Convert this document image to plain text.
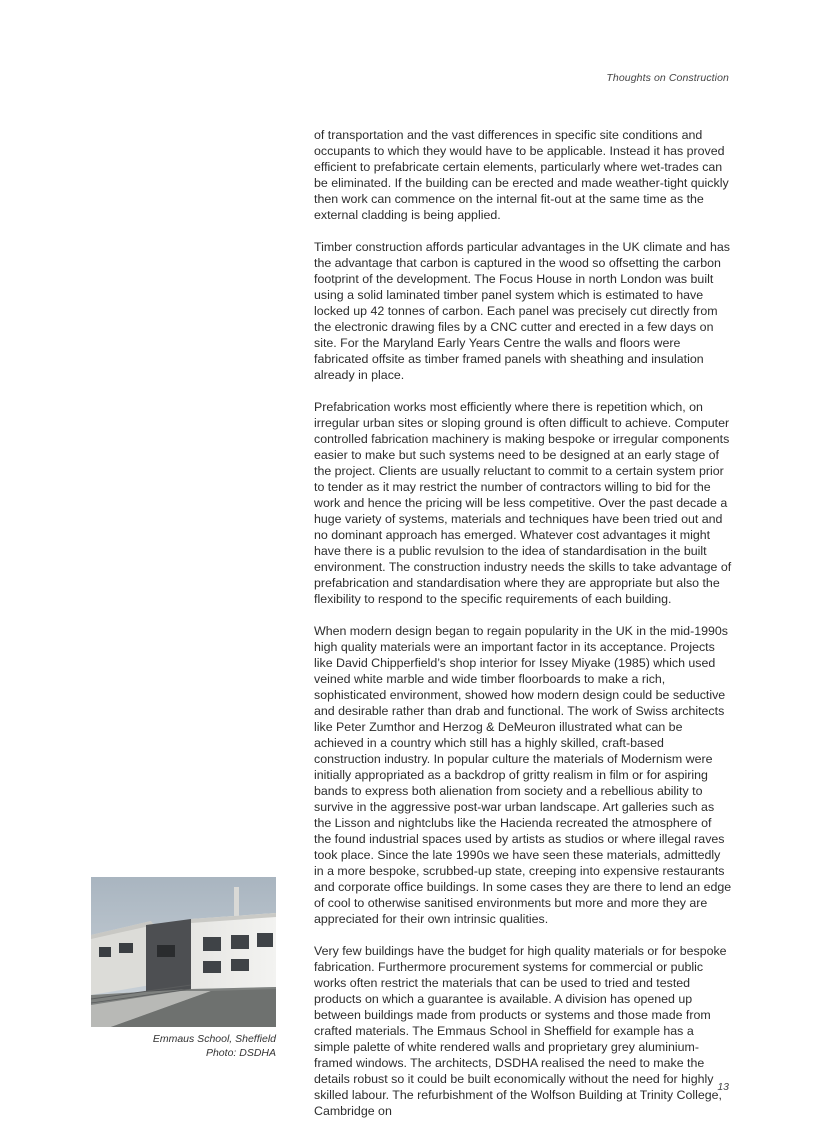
Thoughts on Construction

of transportation and the vast differences in specific site conditions and occupants to which they would have to be applicable. Instead it has proved efficient to prefabricate certain elements, particularly where wet-trades can be eliminated. If the building can be erected and made weather-tight quickly then work can commence on the internal fit-out at the same time as the external cladding is being applied.

Timber construction affords particular advantages in the UK climate and has the advantage that carbon is captured in the wood so offsetting the carbon footprint of the development. The Focus House in north London was built using a solid laminated timber panel system which is estimated to have locked up 42 tonnes of carbon. Each panel was precisely cut directly from the electronic drawing files by a CNC cutter and erected in a few days on site. For the Maryland Early Years Centre the walls and floors were fabricated offsite as timber framed panels with sheathing and insulation already in place.

Prefabrication works most efficiently where there is repetition which, on irregular urban sites or sloping ground is often difficult to achieve. Computer controlled fabrication machinery is making bespoke or irregular components easier to make but such systems need to be designed at an early stage of the project. Clients are usually reluctant to commit to a certain system prior to tender as it may restrict the number of contractors willing to bid for the work and hence the pricing will be less competitive. Over the past decade a huge variety of systems, materials and techniques have been tried out and no dominant approach has emerged. Whatever cost advantages it might have there is a public revulsion to the idea of standardisation in the built environment. The construction industry needs the skills to take advantage of prefabrication and standardisation where they are appropriate but also the flexibility to respond to the specific requirements of each building.

When modern design began to regain popularity in the UK in the mid-1990s high quality materials were an important factor in its acceptance. Projects like David Chipperfield’s shop interior for Issey Miyake (1985) which used veined white marble and wide timber floorboards to make a rich, sophisticated environment, showed how modern design could be seductive and desirable rather than drab and functional. The work of Swiss architects like Peter Zumthor and Herzog & DeMeuron illustrated what can be achieved in a country which still has a highly skilled, craft-based construction industry. In popular culture the materials of Modernism were initially appropriated as a backdrop of gritty realism in film or for aspiring bands to express both alienation from society and a rebellious ability to survive in the aggressive post-war urban landscape. Art galleries such as the Lisson and nightclubs like the Hacienda recreated the atmosphere of the found industrial spaces used by artists as studios or where illegal raves took place. Since the late 1990s we have seen these materials, admittedly in a more bespoke, scrubbed-up state, creeping into expensive restaurants and corporate office buildings. In some cases they are there to lend an edge of cool to otherwise sanitised environments but more and more they are appreciated for their own intrinsic qualities.

Very few buildings have the budget for high quality materials or for bespoke fabrication. Furthermore procurement systems for commercial or public works often restrict the materials that can be used to tried and tested products on which a guarantee is available. A division has opened up between buildings made from products or systems and those made from crafted materials. The Emmaus School in Sheffield for example has a simple palette of white rendered walls and proprietary grey aluminium-framed windows. The architects, DSDHA realised the need to make the details robust so it could be built economically without the need for highly skilled labour. The refurbishment of the Wolfson Building at Trinity College, Cambridge on

Emmaus School, Sheffield
Photo: DSDHA
13
